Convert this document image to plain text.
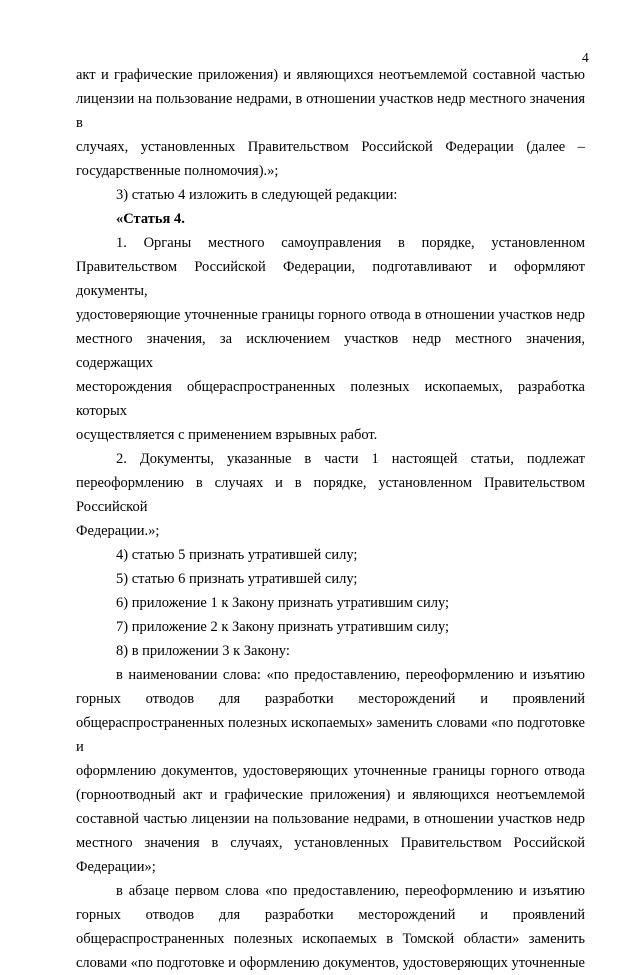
4
акт и графические приложения) и являющихся неотъемлемой составной частью
лицензии на пользование недрами, в отношении участков недр местного значения в
случаях, установленных Правительством Российской Федерации (далее –
государственные полномочия).»;
3) статью 4 изложить в следующей редакции:
«Статья 4.
1. Органы местного самоуправления в порядке, установленном
Правительством Российской Федерации, подготавливают и оформляют документы,
удостоверяющие уточненные границы горного отвода в отношении участков недр
местного значения, за исключением участков недр местного значения, содержащих
месторождения общераспространенных полезных ископаемых, разработка которых
осуществляется с применением взрывных работ.
2. Документы, указанные в части 1 настоящей статьи, подлежат
переоформлению в случаях и в порядке, установленном Правительством Российской
Федерации.»;
4) статью 5 признать утратившей силу;
5) статью 6 признать утратившей силу;
6) приложение 1 к Закону признать утратившим силу;
7) приложение 2 к Закону признать утратившим силу;
8) в приложении 3 к Закону:
в наименовании слова: «по предоставлению, переоформлению и изъятию
горных отводов для разработки месторождений и проявлений
общераспространенных полезных ископаемых» заменить словами «по подготовке и
оформлению документов, удостоверяющих уточненные границы горного отвода
(горноотводный акт и графические приложения) и являющихся неотъемлемой
составной частью лицензии на пользование недрами, в отношении участков недр
местного значения в случаях, установленных Правительством Российской
Федерации»;
в абзаце первом слова «по предоставлению, переоформлению и изъятию
горных отводов для разработки месторождений и проявлений
общераспространенных полезных ископаемых в Томской области» заменить
словами «по подготовке и оформлению документов, удостоверяющих уточненные
